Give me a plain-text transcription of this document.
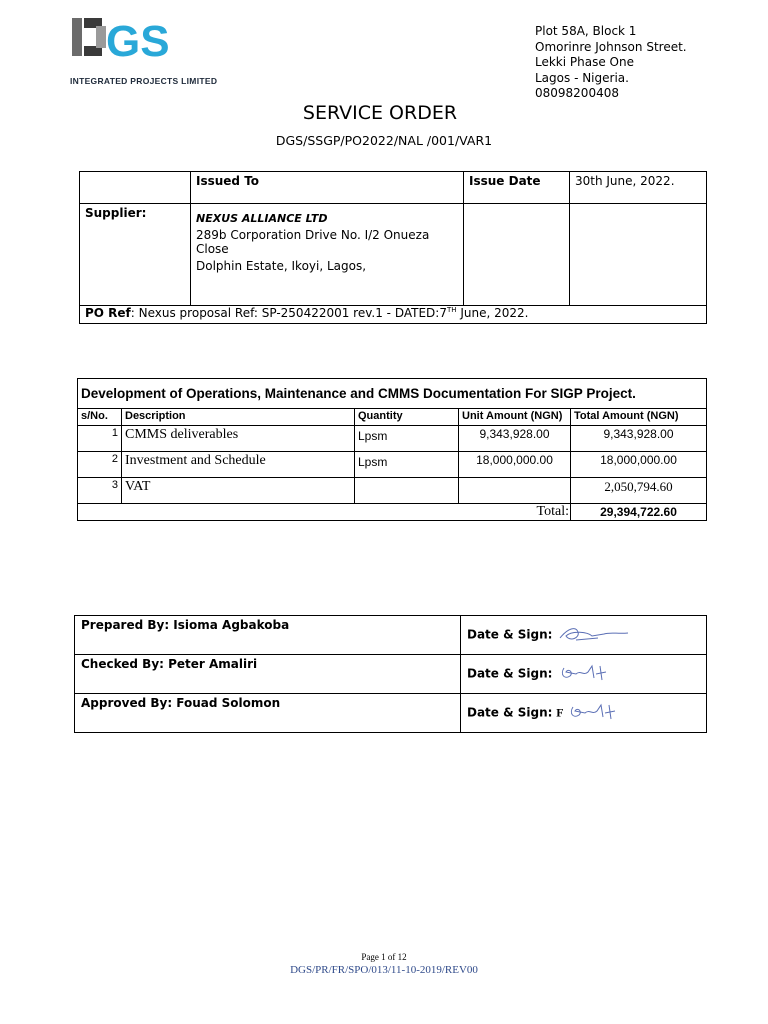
GS
INTEGRATED PROJECTS LIMITED
Plot 58A, Block 1
Omorinre Johnson Street.
Lekki Phase One
Lagos - Nigeria.
08098200408
SERVICE ORDER
DGS/SSGP/PO2022/NAL /001/VAR1
	Issued To	Issue Date	30th June, 2022.
Supplier:	NEXUS ALLIANCE LTD
289b Corporation Drive No. I/2 Onueza Close
Dolphin Estate, Ikoyi, Lagos,		

PO Ref: Nexus proposal Ref: SP-250422001 rev.1 - DATED:7TH June, 2022.			
Development of Operations, Maintenance and CMMS Documentation For SIGP Project.				
s/No.	Description	Quantity	Unit Amount (NGN)	Total Amount (NGN)
1	CMMS deliverables	Lpsm	9,343,928.00	9,343,928.00
2	Investment and Schedule	Lpsm	18,000,000.00	18,000,000.00
3	VAT			2,050,794.60
Total:				29,394,722.60
Prepared By: Isioma Agbakoba	Date & Sign:
Checked By: Peter Amaliri	Date & Sign:
Approved By: Fouad Solomon	Date & Sign: F
Page 1 of 12
DGS/PR/FR/SPO/013/11-10-2019/REV00
